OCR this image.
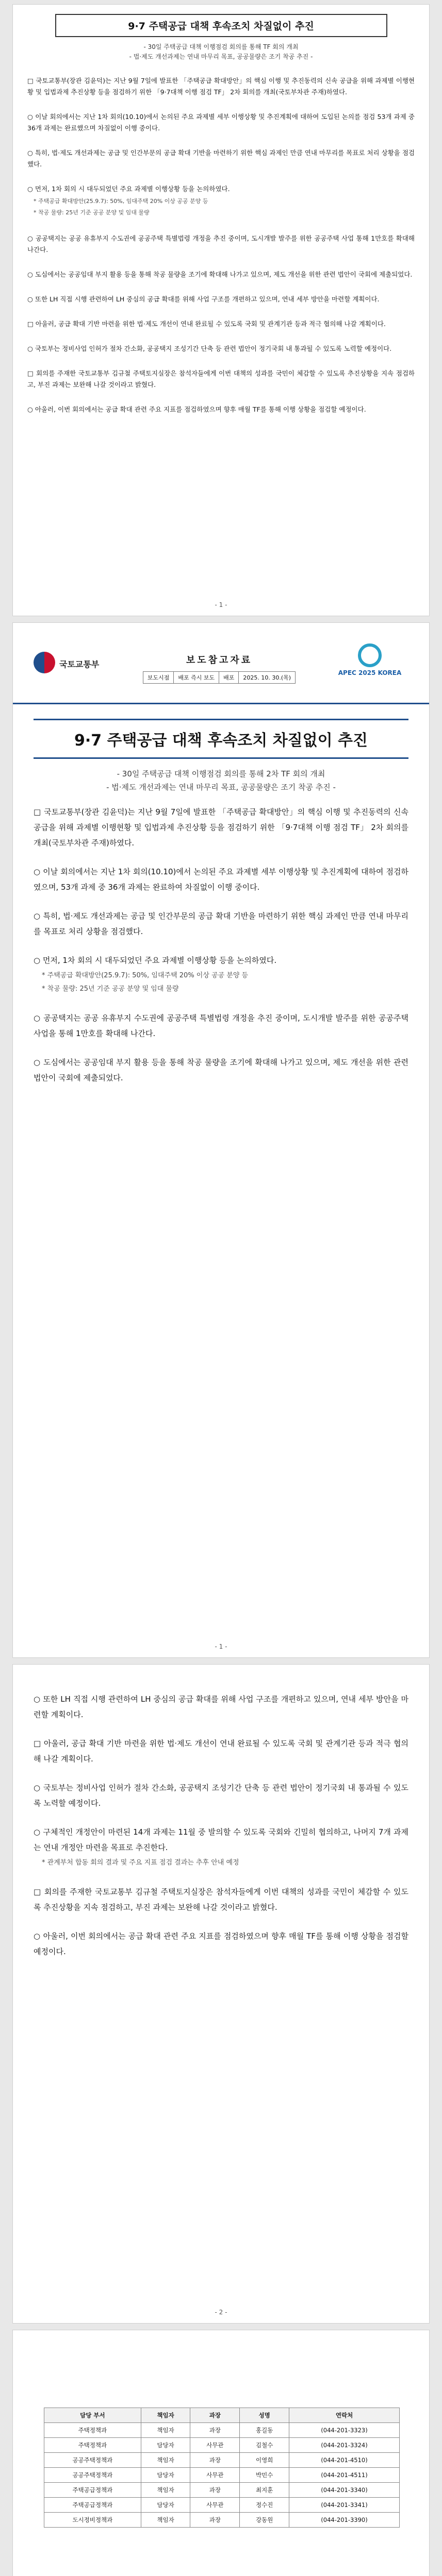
9·7 주택공급 대책 후속조치 차질없이 추진
- 30일 주택공급 대책 이행점검 회의를 통해 TF 회의 개최
- 법·제도 개선과제는 연내 마무리 목표, 공공물량은 조기 착공 추진 -

□ 국토교통부(장관 김윤덕)는 지난 9월 7일에 발표한 「주택공급 확대방안」의 핵심 이행 및 추진동력의 신속 공급을 위해 과제별 이행현황 및 입법과제 추진상황 등을 점검하기 위한 「9·7대책 이행 점검 TF」 2차 회의를 개최(국토부차관 주재)하였다.

○ 이날 회의에서는 지난 1차 회의(10.10)에서 논의된 주요 과제별 세부 이행상황 및 추진계획에 대하여 도입된 논의를 점검 53개 과제 중 36개 과제는 완료했으며 차질없이 이행 중이다.

○ 특히, 법·제도 개선과제는 공급 및 인간부문의 공급 확대 기반을 마련하기 위한 핵심 과제인 만큼 연내 마무리를 목표로 처리 상황을 점검했다.

○ 먼저, 1차 회의 시 대두되었던 주요 과제별 이행상황 등을 논의하였다.

* 주택공급 확대방안(25.9.7): 50%, 임대주택 20% 이상 공공 분양 등
* 착공 물량: 25년 기준 공공 분양 및 임대 물량

○ 공공택지는 공공 유휴부지 수도권에 공공주택 특별법령 개정을 추진 중이며, 도시개발 발주를 위한 공공주택 사업 통해 1만호를 확대해 나간다.

○ 도심에서는 공공임대 부지 활용 등을 통해 착공 물량을 조기에 확대해 나가고 있으며, 제도 개선을 위한 관련 법안이 국회에 제출되었다.

○ 또한 LH 직접 시행 관련하여 LH 중심의 공급 확대를 위해 사업 구조를 개편하고 있으며, 연내 세부 방안을 마련할 계획이다.

□ 아울러, 공급 확대 기반 마련을 위한 법·제도 개선이 연내 완료될 수 있도록 국회 및 관계기관 등과 적극 협의해 나갈 계획이다.

○ 국토부는 정비사업 인허가 절차 간소화, 공공택지 조성기간 단축 등 관련 법안이 정기국회 내 통과될 수 있도록 노력할 예정이다.

□ 회의를 주재한 국토교통부 김규철 주택토지실장은 참석자들에게 이번 대책의 성과를 국민이 체감할 수 있도록 추진상황을 지속 점검하고, 부진 과제는 보완해 나갈 것이라고 밝혔다.

○ 아울러, 이번 회의에서는 공급 확대 관련 주요 지표를 점검하였으며 향후 매월 TF를 통해 이행 상황을 점검할 예정이다.

- 1 -
국토교통부	보도참고자료
보도시점	배포 즉시 보도	배포	2025. 10. 30.(목)
APEC 2025 KOREA
9·7 주택공급 대책 후속조치 차질없이 추진
- 30일 주택공급 대책 이행점검 회의를 통해 2차 TF 회의 개최
- 법·제도 개선과제는 연내 마무리 목표, 공공물량은 조기 착공 추진 -

□ 국토교통부(장관 김윤덕)는 지난 9월 7일에 발표한 「주택공급 확대방안」의 핵심 이행 및 추진동력의 신속 공급을 위해 과제별 이행현황 및 입법과제 추진상황 등을 점검하기 위한 「9·7대책 이행 점검 TF」 2차 회의를 개최(국토부차관 주재)하였다.

○ 이날 회의에서는 지난 1차 회의(10.10)에서 논의된 주요 과제별 세부 이행상황 및 추진계획에 대하여 점검하였으며, 53개 과제 중 36개 과제는 완료하여 차질없이 이행 중이다.

○ 특히, 법·제도 개선과제는 공급 및 인간부문의 공급 확대 기반을 마련하기 위한 핵심 과제인 만큼 연내 마무리를 목표로 처리 상황을 점검했다.

○ 먼저, 1차 회의 시 대두되었던 주요 과제별 이행상황 등을 논의하였다.

* 주택공급 확대방안(25.9.7): 50%, 임대주택 20% 이상 공공 분양 등
* 착공 물량: 25년 기준 공공 분양 및 임대 물량

○ 공공택지는 공공 유휴부지 수도권에 공공주택 특별법령 개정을 추진 중이며, 도시개발 발주를 위한 공공주택 사업을 통해 1만호를 확대해 나간다.

○ 도심에서는 공공임대 부지 활용 등을 통해 착공 물량을 조기에 확대해 나가고 있으며, 제도 개선을 위한 관련 법안이 국회에 제출되었다.

- 1 -

○ 또한 LH 직접 시행 관련하여 LH 중심의 공급 확대를 위해 사업 구조를 개편하고 있으며, 연내 세부 방안을 마련할 계획이다.

□ 아울러, 공급 확대 기반 마련을 위한 법·제도 개선이 연내 완료될 수 있도록 국회 및 관계기관 등과 적극 협의해 나갈 계획이다.

○ 국토부는 정비사업 인허가 절차 간소화, 공공택지 조성기간 단축 등 관련 법안이 정기국회 내 통과될 수 있도록 노력할 예정이다.

○ 구체적인 개정안이 마련된 14개 과제는 11월 중 발의할 수 있도록 국회와 긴밀히 협의하고, 나머지 7개 과제는 연내 개정안 마련을 목표로 추진한다.

* 관계부처 합동 회의 결과 및 주요 지표 점검 결과는 추후 안내 예정

□ 회의를 주재한 국토교통부 김규철 주택토지실장은 참석자들에게 이번 대책의 성과를 국민이 체감할 수 있도록 추진상황을 지속 점검하고, 부진 과제는 보완해 나갈 것이라고 밝혔다.

○ 아울러, 이번 회의에서는 공급 확대 관련 주요 지표를 점검하였으며 향후 매월 TF를 통해 이행 상황을 점검할 예정이다.

- 2 -
담당 부서	책임자	과장	성명	연락처
주택정책과	책임자	과장	홍길동	(044-201-3323)
주택정책과	담당자	사무관	김철수	(044-201-3324)
공공주택정책과	책임자	과장	이영희	(044-201-4510)
공공주택정책과	담당자	사무관	박민수	(044-201-4511)
주택공급정책과	책임자	과장	최지훈	(044-201-3340)
주택공급정책과	담당자	사무관	정수진	(044-201-3341)
도시정비정책과	책임자	과장	강동원	(044-201-3390)
